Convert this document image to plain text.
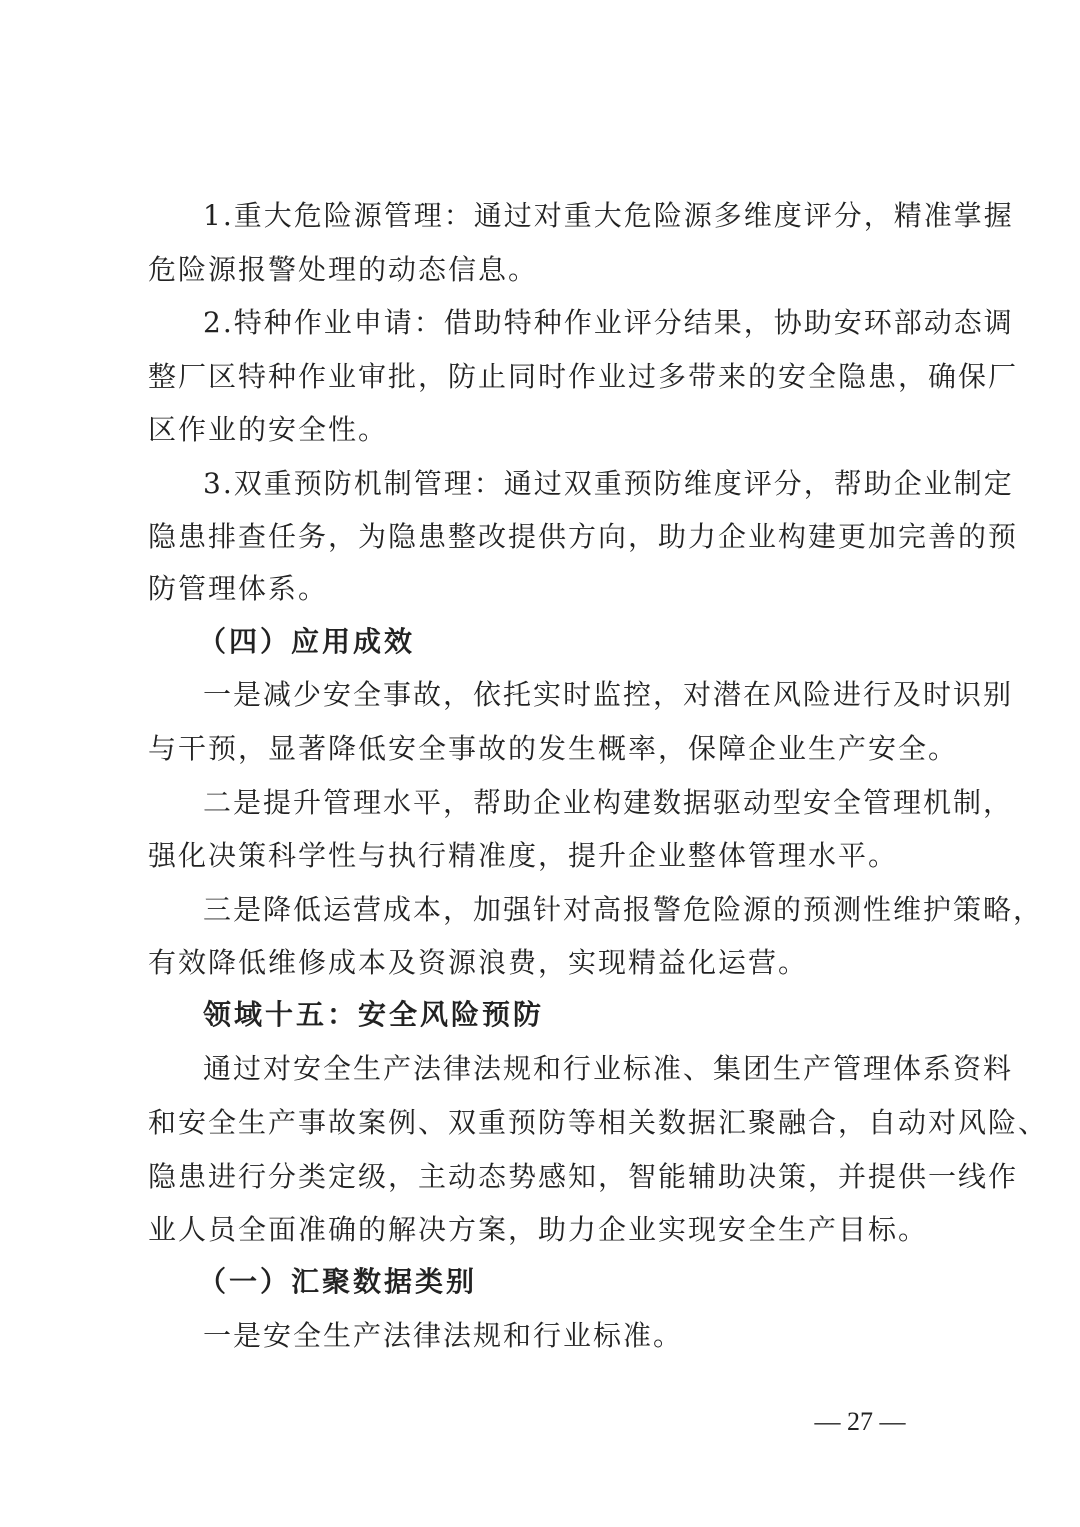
1.重大危险源管理：通过对重大危险源多维度评分，精准掌握
危险源报警处理的动态信息。
2.特种作业申请：借助特种作业评分结果，协助安环部动态调
整厂区特种作业审批，防止同时作业过多带来的安全隐患，确保厂
区作业的安全性。
3.双重预防机制管理：通过双重预防维度评分，帮助企业制定
隐患排查任务，为隐患整改提供方向，助力企业构建更加完善的预
防管理体系。
（四）应用成效
一是减少安全事故，依托实时监控，对潜在风险进行及时识别
与干预，显著降低安全事故的发生概率，保障企业生产安全。
二是提升管理水平，帮助企业构建数据驱动型安全管理机制，
强化决策科学性与执行精准度，提升企业整体管理水平。
三是降低运营成本，加强针对高报警危险源的预测性维护策略，
有效降低维修成本及资源浪费，实现精益化运营。
领域十五：安全风险预防
通过对安全生产法律法规和行业标准、集团生产管理体系资料
和安全生产事故案例、双重预防等相关数据汇聚融合，自动对风险、
隐患进行分类定级，主动态势感知，智能辅助决策，并提供一线作
业人员全面准确的解决方案，助力企业实现安全生产目标。
（一）汇聚数据类别
一是安全生产法律法规和行业标准。
— 27 —
